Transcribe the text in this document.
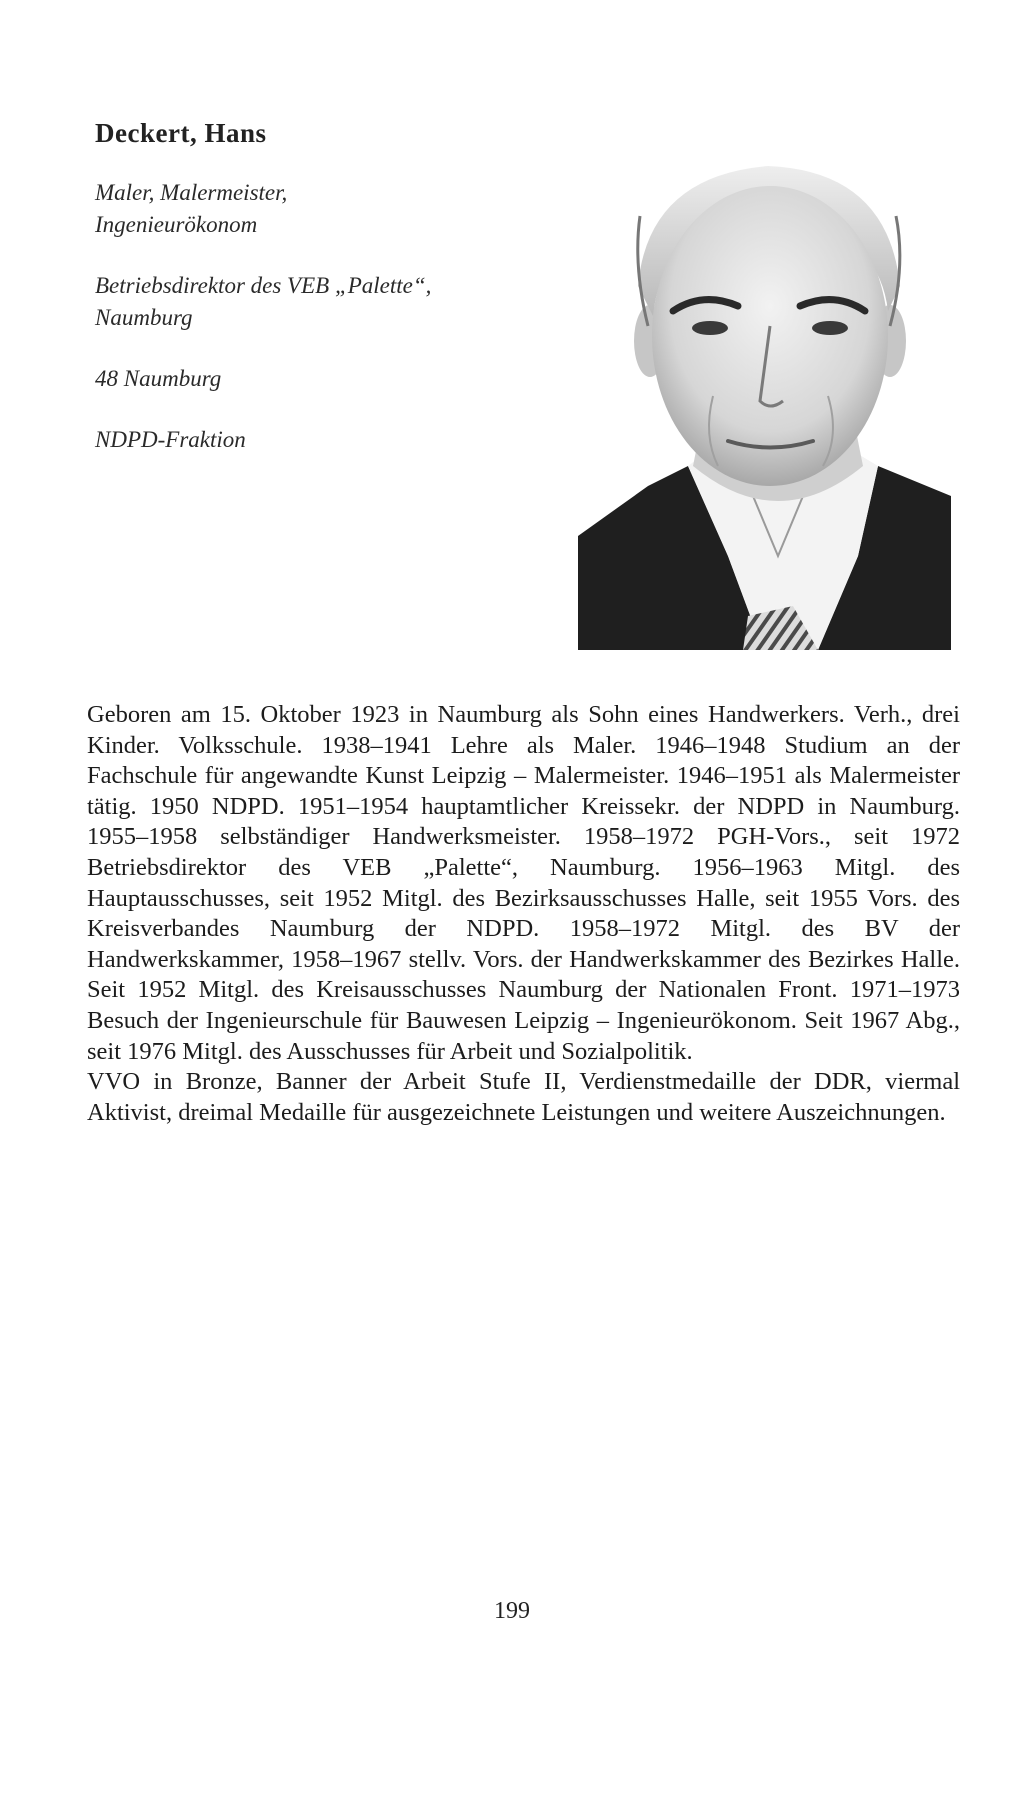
Deckert, Hans
Maler, Malermeister,
Ingenieurökonom
Betriebsdirektor des VEB „Palette“,
Naumburg
48 Naumburg
NDPD-Fraktion

Geboren am 15. Oktober 1923 in Naumburg als Sohn eines Handwerkers. Verh., drei Kinder. Volksschule. 1938–1941 Lehre als Maler. 1946–1948 Studium an der Fachschule für angewandte Kunst Leipzig – Malermeister. 1946–1951 als Malermeister tätig. 1950 NDPD. 1951–1954 hauptamtlicher Kreissekr. der NDPD in Naumburg. 1955–1958 selbständiger Handwerksmeister. 1958–1972 PGH-Vors., seit 1972 Betriebsdirektor des VEB „Palette“, Naumburg. 1956–1963 Mitgl. des Hauptausschusses, seit 1952 Mitgl. des Bezirksausschusses Halle, seit 1955 Vors. des Kreisverbandes Naumburg der NDPD. 1958–1972 Mitgl. des BV der Handwerkskammer, 1958–1967 stellv. Vors. der Handwerkskammer des Bezirkes Halle. Seit 1952 Mitgl. des Kreisausschusses Naumburg der Nationalen Front. 1971–1973 Besuch der Ingenieurschule für Bauwesen Leipzig – Ingenieurökonom. Seit 1967 Abg., seit 1976 Mitgl. des Ausschusses für Arbeit und Sozialpolitik.

VVO in Bronze, Banner der Arbeit Stufe II, Verdienstmedaille der DDR, viermal Aktivist, dreimal Medaille für ausgezeichnete Leistungen und weitere Auszeichnungen.

199
